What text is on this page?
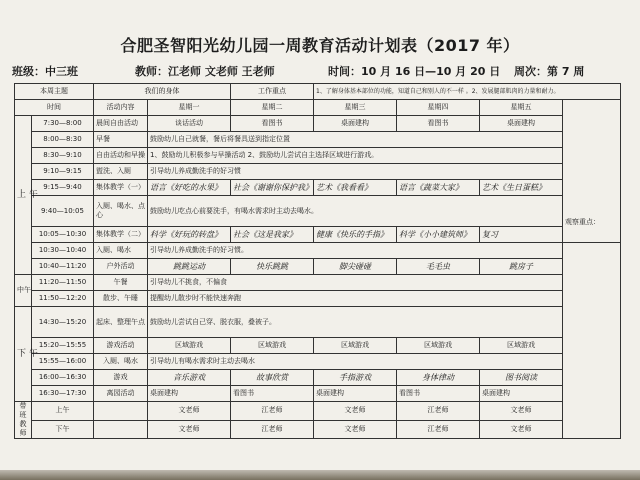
合肥圣智阳光幼儿园一周教育活动计划表（2017 年）
班级：中三班	教师：江老师 文老师 王老师	时间：10 月 16 日—10 月 20 日 周次：第 7 周
本周主题		我们的身体		工作重点	1、了解身体基本部位的功能，知道自己和别人的不一样 。2、发展腿部肌肉的力量和耐力。			
时间		活动内容	星期一	星期二	星期三	星期四	星期五	观察重点：

上 午	7:30—8:00	晨间自由活动	谈话活动	看图书	桌面建构	看图书	桌面建构	
	8:00—8:30	早餐	鼓励幼儿自己就餐，餐后将餐具送到指定位置					
	8:30—9:10	自由活动和早操	1、鼓励幼儿积极参与早操活动 2、鼓励幼儿尝试自主选择区域进行游戏。					
	9:10—9:15	盥洗、入厕	引导幼儿养成勤洗手的好习惯					
	9:15—9:40	集体教学（一）	语言《好吃的水果》	社会《谢谢你保护我》	艺术《我看看》	语言《蔬菜大家》	艺术《生日蛋糕》	
	9:40—10:05	入厕、喝水、点心	鼓励幼儿吃点心前要洗手，有喝水需求时主动去喝水。					
	10:05—10:30	集体教学（二）	科学《好玩的转盘》	社会《这是我家》	健康《快乐的手指》	科学《小小建筑师》	复习	
	10:30—10:40	入厕、喝水	引导幼儿养成勤洗手的好习惯。					
	10:40—11:20	户外活动	跳跳运动	快乐跳跳	脚尖碰碰	毛毛虫	跳房子	
中午	11:20—11:50	午餐	引导幼儿不挑食，不偏食					
	11:50—12:20	散步、午睡	提醒幼儿散步时不能快速奔跑					
下 午	14:30—15:20	起床、整理午点	鼓励幼儿尝试自己穿、脱衣服，叠被子。					
	15:20—15:55	游戏活动	区域游戏	区域游戏	区域游戏	区域游戏	区域游戏	
	15:55—16:00	入厕、喝水	引导幼儿有喝水需求时主动去喝水					
	16:00—16:30	游戏	音乐游戏	故事欣赏	手指游戏	身体律动	图书阅读	
	16:30—17:30	离园活动	桌面建构	看图书	桌面建构	看图书	桌面建构	
带班 教师	上午		文老师	江老师	文老师	江老师	文老师	
	下午		文老师	江老师	文老师	江老师	文老师	
